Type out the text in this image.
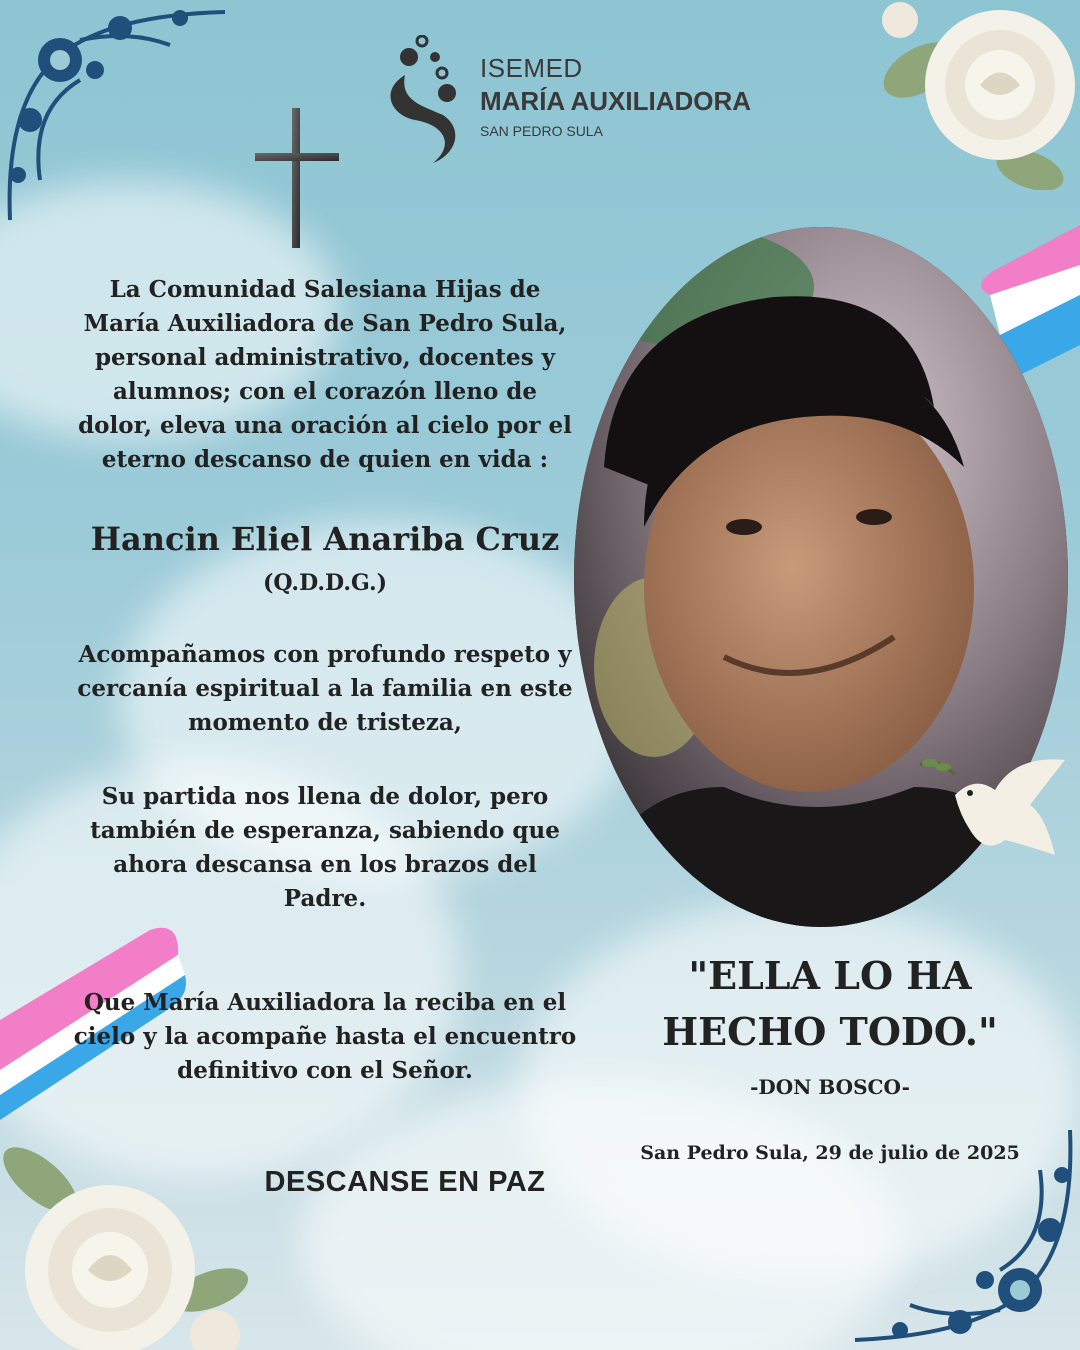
ISEMED
MARÍA AUXILIADORA
SAN PEDRO SULA
La Comunidad Salesiana Hijas de
María Auxiliadora de San Pedro Sula,
personal administrativo, docentes y
alumnos; con el corazón lleno de
dolor, eleva una oración al cielo por el
eterno descanso de quien en vida :
Hancin Eliel Anariba Cruz
(Q.D.D.G.)
Acompañamos con profundo respeto y
cercanía espiritual a la familia en este
momento de tristeza,
Su partida nos llena de dolor, pero
también de esperanza, sabiendo que
ahora descansa en los brazos del
Padre.
Que María Auxiliadora la reciba en el
cielo y la acompañe hasta el encuentro
definitivo con el Señor.
DESCANSE EN PAZ
"ELLA LO HA
HECHO TODO."
-DON BOSCO-
San Pedro Sula, 29 de julio de 2025
